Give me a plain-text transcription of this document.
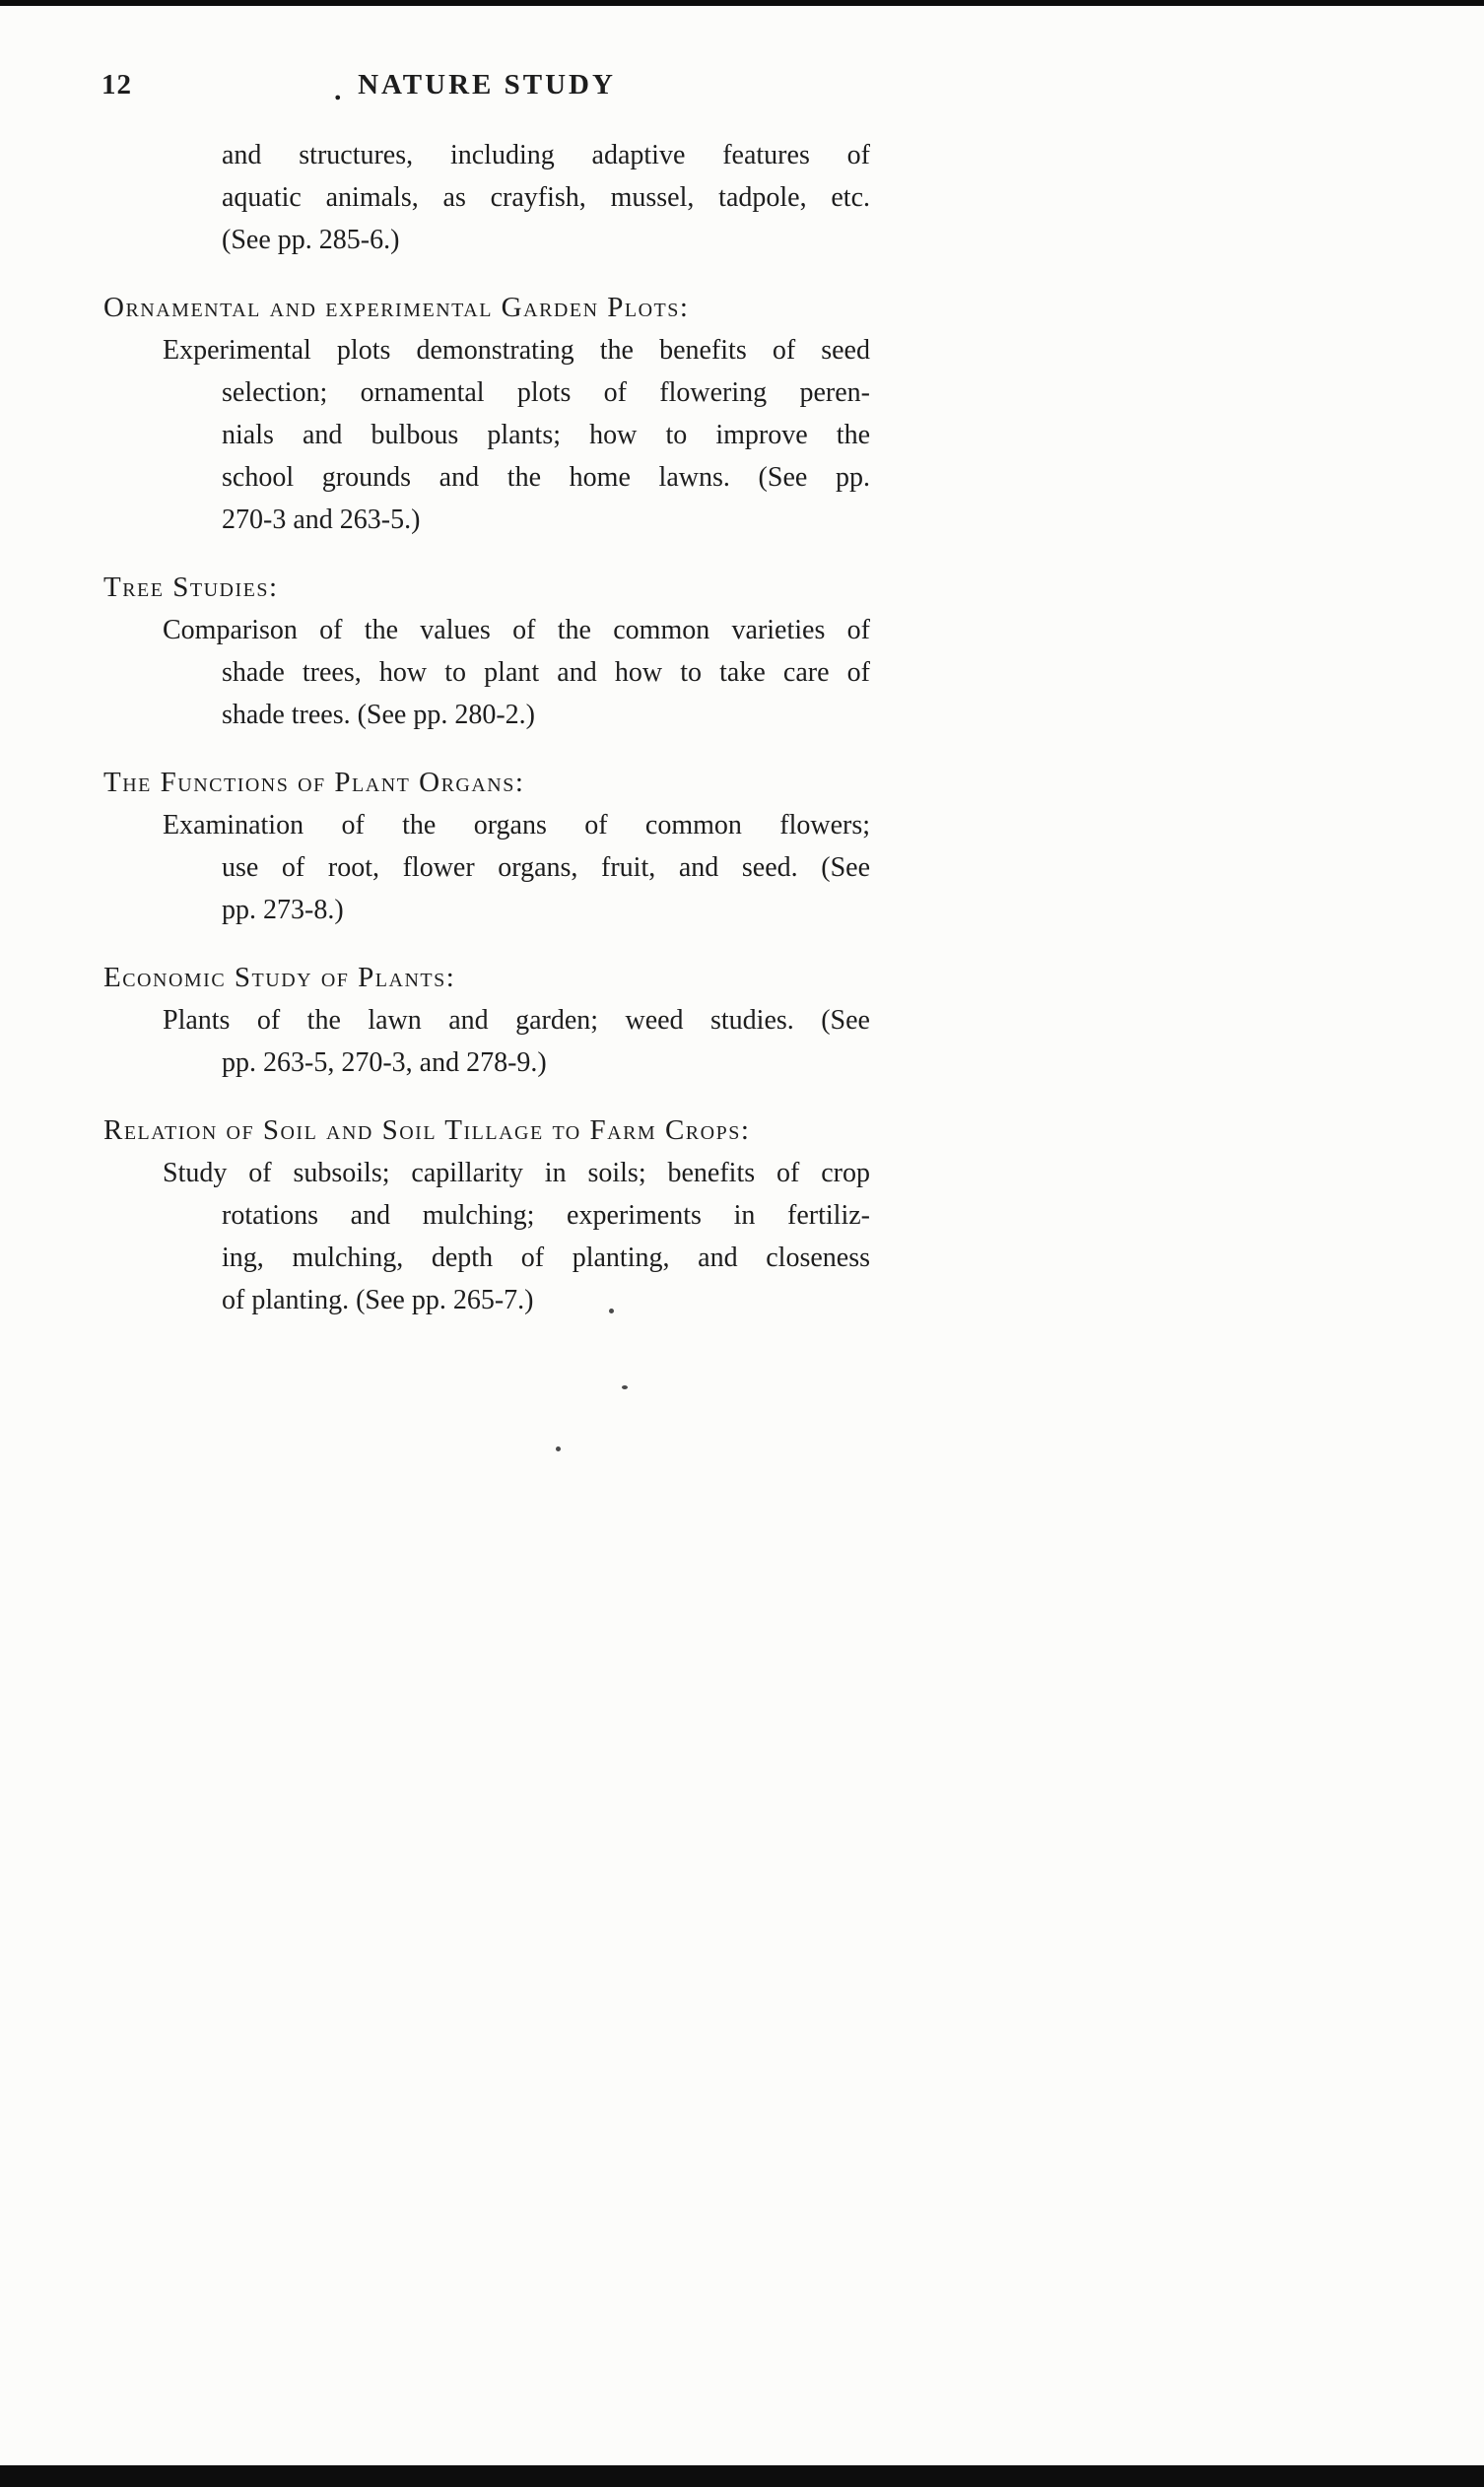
12	. NATURE STUDY
and structures, including adaptive features of
aquatic animals, as crayfish, mussel, tadpole, etc.
(See pp. 285-6.)
Ornamental and experimental Garden Plots:
Experimental plots demonstrating the benefits of seed
selection; ornamental plots of flowering peren-
nials and bulbous plants; how to improve the
school grounds and the home lawns. (See pp.
270-3 and 263-5.)
Tree Studies:
Comparison of the values of the common varieties of
shade trees, how to plant and how to take care of
shade trees. (See pp. 280-2.)
The Functions of Plant Organs:
Examination of the organs of common flowers;
use of root, flower organs, fruit, and seed. (See
pp. 273-8.)
Economic Study of Plants:
Plants of the lawn and garden; weed studies. (See
pp. 263-5, 270-3, and 278-9.)
Relation of Soil and Soil Tillage to Farm Crops:
Study of subsoils; capillarity in soils; benefits of crop
rotations and mulching; experiments in fertiliz-
ing, mulching, depth of planting, and closeness
of planting. (See pp. 265-7.)
